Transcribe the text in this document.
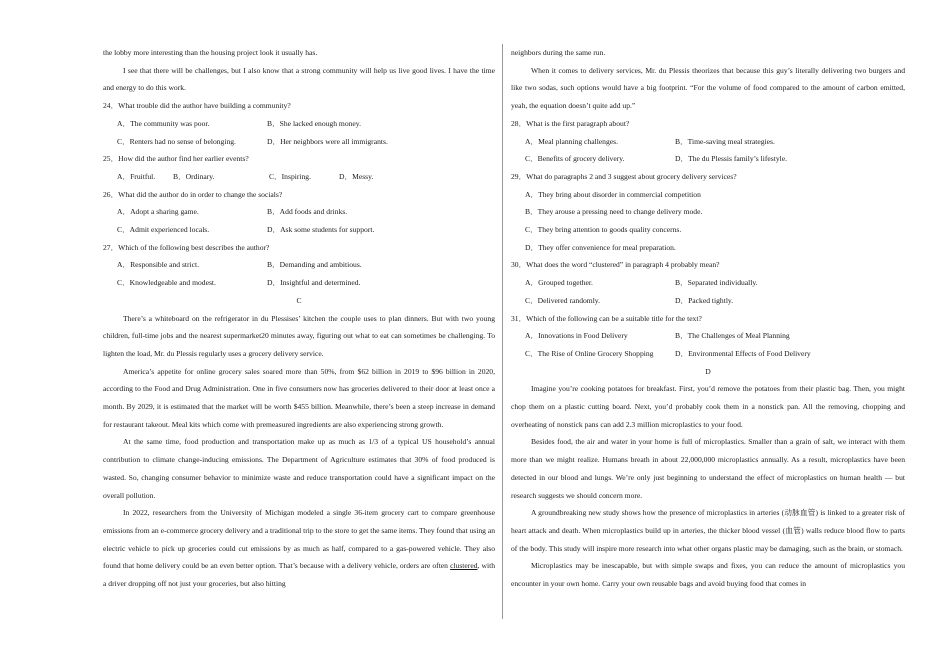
the lobby more interesting than the housing project look it usually has.

I see that there will be challenges, but I also know that a strong community will help us live good lives. I have the time and energy to do this work.

24．What trouble did the author have building a community?

A．The community was poor.	B．She lacked enough money.
C．Renters had no sense of belonging.	D．Her neighbors were all immigrants.

25．How did the author find her earlier events?

A．Fruitful.	B．Ordinary.	C．Inspiring.	D．Messy.

26．What did the author do in order to change the socials?

A．Adopt a sharing game.	B．Add foods and drinks.
C．Admit experienced locals.	D．Ask some students for support.

27．Which of the following best describes the author?

A．Responsible and strict.	B．Demanding and ambitious.
C．Knowledgeable and modest.	D．Insightful and determined.

C

There’s a whiteboard on the refrigerator in du Plessises’ kitchen the couple uses to plan dinners. But with two young children, full-time jobs and the nearest supermarket20 minutes away, figuring out what to eat can sometimes be challenging. To lighten the load, Mr. du Plessis regularly uses a grocery delivery service.

America’s appetite for online grocery sales soared more than 50%, from $62 billion in 2019 to $96 billion in 2020, according to the Food and Drug Administration. One in five consumers now has groceries delivered to their door at least once a month. By 2029, it is estimated that the market will be worth $455 billion. Meanwhile, there’s been a steep increase in demand for restaurant takeout. Meal kits which come with premeasured ingredients are also experiencing strong growth.

At the same time, food production and transportation make up as much as 1/3 of a typical US household’s annual contribution to climate change-inducing emissions. The Department of Agriculture estimates that 30% of food produced is wasted. So, changing consumer behavior to minimize waste and reduce transportation could have a significant impact on the overall pollution.

In 2022, researchers from the University of Michigan modeled a single 36-item grocery cart to compare greenhouse emissions from an e-commerce grocery delivery and a traditional trip to the store to get the same items. They found that using an electric vehicle to pick up groceries could cut emissions by as much as half, compared to a gas-powered vehicle. They also found that home delivery could be an even better option. That’s because with a delivery vehicle, orders are often clustered, with a driver dropping off not just your groceries, but also hitting

neighbors during the same run.

When it comes to delivery services, Mr. du Plessis theorizes that because this guy’s literally delivering two burgers and like two sodas, such options would have a big footprint. “For the volume of food compared to the amount of carbon emitted, yeah, the equation doesn’t quite add up.”

28．What is the first paragraph about?

A．Meal planning challenges.	B．Time-saving meal strategies.
C．Benefits of grocery delivery.	D．The du Plessis family’s lifestyle.

29．What do paragraphs 2 and 3 suggest about grocery delivery services?

A．They bring about disorder in commercial competition

B．They arouse a pressing need to change delivery mode.

C．They bring attention to goods quality concerns.

D．They offer convenience for meal preparation.

30．What does the word “clustered” in paragraph 4 probably mean?

A．Grouped together.	B．Separated individually.
C．Delivered randomly.	D．Packed tightly.

31．Which of the following can be a suitable title for the text?

A．Innovations in Food Delivery	B．The Challenges of Meal Planning
C．The Rise of Online Grocery Shopping	D．Environmental Effects of Food Delivery

D

Imagine you’re cooking potatoes for breakfast. First, you’d remove the potatoes from their plastic bag. Then, you might chop them on a plastic cutting board. Next, you’d probably cook them in a nonstick pan. All the removing, chopping and overheating of nonstick pans can add 2.3 million microplastics to your food.

Besides food, the air and water in your home is full of microplastics. Smaller than a grain of salt, we interact with them more than we might realize. Humans breath in about 22,000,000 microplastics annually. As a result, microplastics have been detected in our blood and lungs. We’re only just beginning to understand the effect of microplastics on human health — but research suggests we should concern more.

A groundbreaking new study shows how the presence of microplastics in arteries (动脉血管) is linked to a greater risk of heart attack and death. When microplastics build up in arteries, the thicker blood vessel (血管) walls reduce blood flow to parts of the body. This study will inspire more research into what other organs plastic may be damaging, such as the brain, or stomach.

Microplastics may be inescapable, but with simple swaps and fixes, you can reduce the amount of microplastics you encounter in your own home. Carry your own reusable bags and avoid buying food that comes in
